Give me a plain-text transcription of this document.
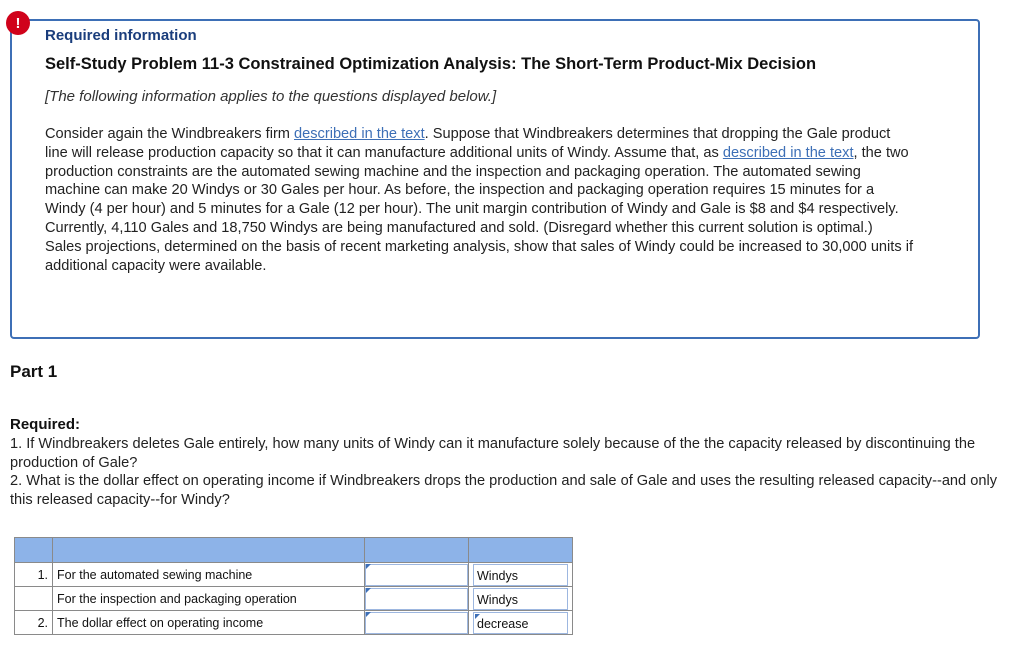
!
Required information
Self-Study Problem 11-3 Constrained Optimization Analysis: The Short-Term Product-Mix Decision
[The following information applies to the questions displayed below.]
Consider again the Windbreakers firm described in the text. Suppose that Windbreakers determines that dropping the Gale product line will release production capacity so that it can manufacture additional units of Windy. Assume that, as described in the text, the two production constraints are the automated sewing machine and the inspection and packaging operation. The automated sewing machine can make 20 Windys or 30 Gales per hour. As before, the inspection and packaging operation requires 15 minutes for a Windy (4 per hour) and 5 minutes for a Gale (12 per hour). The unit margin contribution of Windy and Gale is $8 and $4 respectively. Currently, 4,110 Gales and 18,750 Windys are being manufactured and sold. (Disregard whether this current solution is optimal.) Sales projections, determined on the basis of recent marketing analysis, show that sales of Windy could be increased to 30,000 units if additional capacity were available.
Part 1
Required:

1. If Windbreakers deletes Gale entirely, how many units of Windy can it manufacture solely because of the the capacity released by discontinuing the production of Gale?

2. What is the dollar effect on operating income if Windbreakers drops the production and sale of Gale and uses the resulting released capacity--and only this released capacity--for Windy?

1.	For the automated sewing machine		Windys

	For the inspection and packaging operation		Windys

2.	The dollar effect on operating income		decrease
